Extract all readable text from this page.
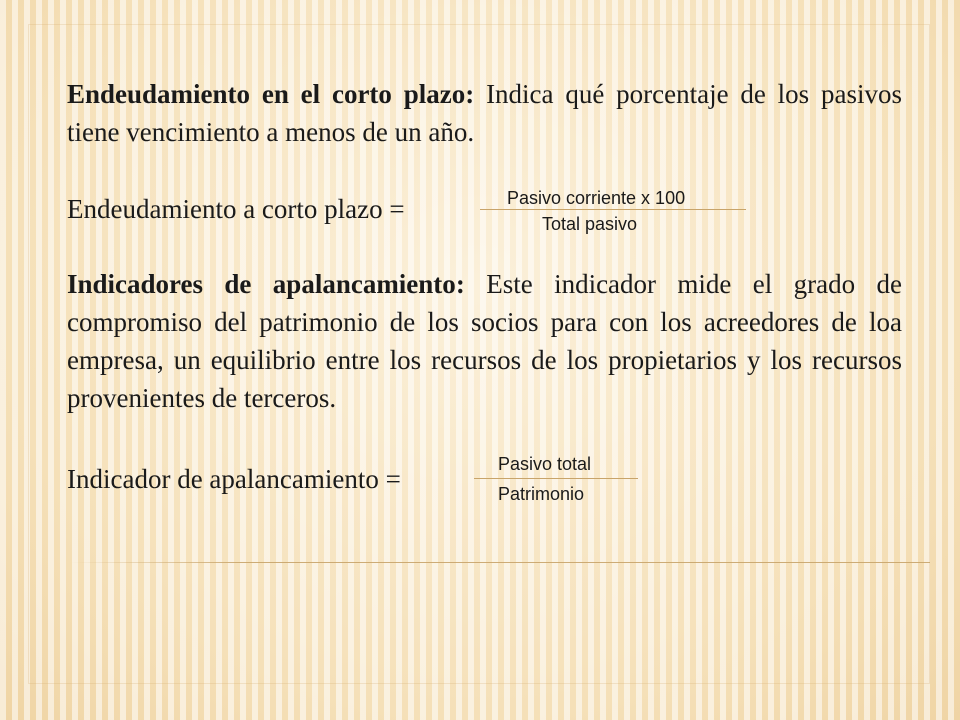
Endeudamiento en el corto plazo: Indica qué porcentaje de los pasivos tiene vencimiento a menos de un año.
Endeudamiento a corto plazo =	Pasivo corriente x 100
Total pasivo
Indicadores de apalancamiento: Este indicador mide el grado de compromiso del patrimonio de los socios para con los acreedores de loa empresa, un equilibrio entre los recursos de los propietarios y los recursos provenientes de terceros.
Indicador de apalancamiento =	Pasivo total
Patrimonio
